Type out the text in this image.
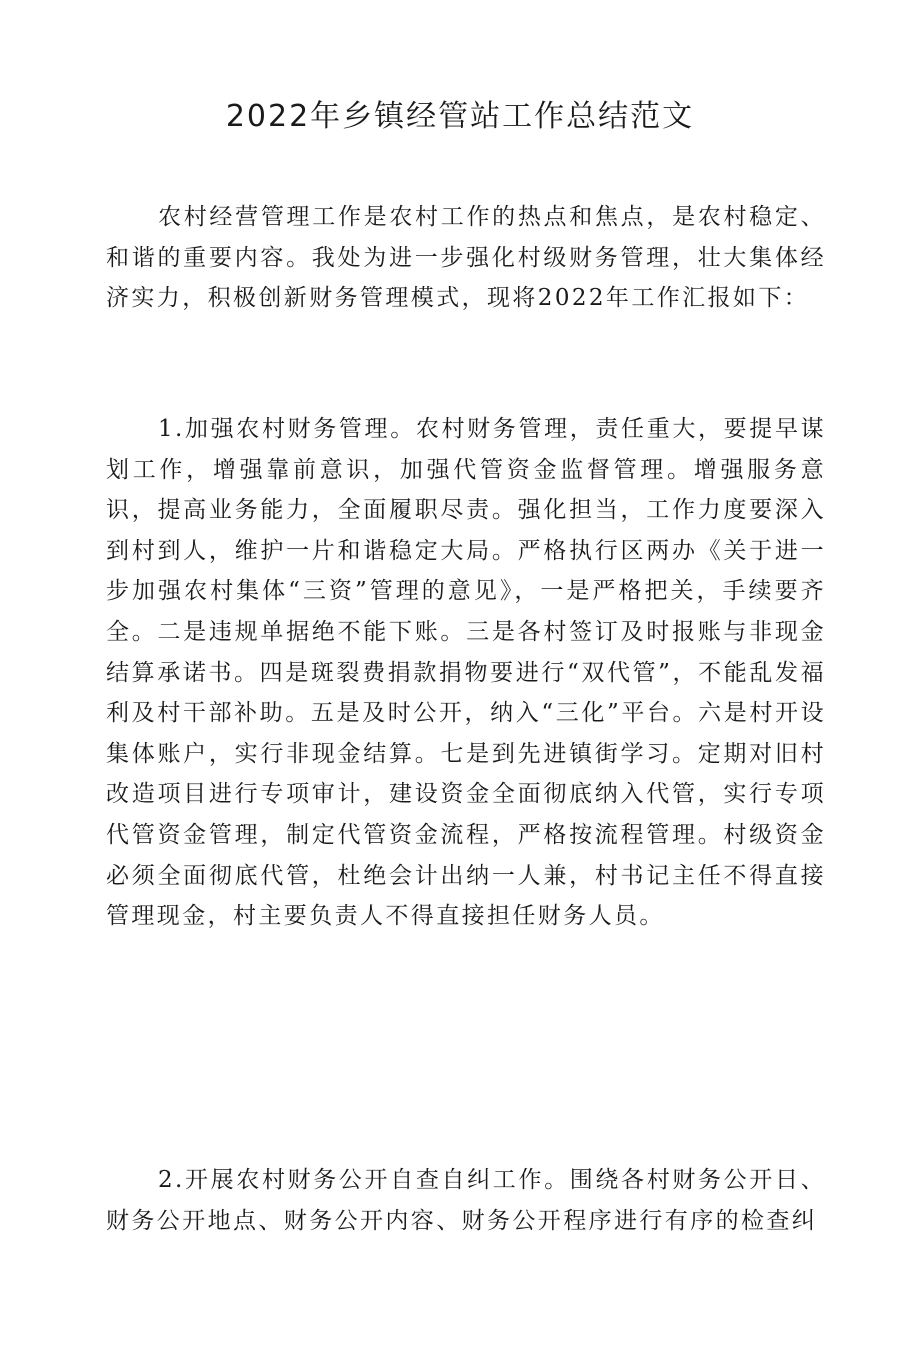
2022年乡镇经管站工作总结范文

农村经营管理工作是农村工作的热点和焦点，是农村稳定、和谐的重要内容。我处为进一步强化村级财务管理，壮大集体经济实力，积极创新财务管理模式，现将2022年工作汇报如下：

1.加强农村财务管理。农村财务管理，责任重大，要提早谋划工作，增强靠前意识，加强代管资金监督管理。增强服务意识，提高业务能力，全面履职尽责。强化担当，工作力度要深入到村到人，维护一片和谐稳定大局。严格执行区两办《关于进一步加强农村集体“三资”管理的意见》，一是严格把关，手续要齐全。二是违规单据绝不能下账。三是各村签订及时报账与非现金结算承诺书。四是斑裂费捐款捐物要进行“双代管”，不能乱发福利及村干部补助。五是及时公开，纳入“三化”平台。六是村开设集体账户，实行非现金结算。七是到先进镇街学习。定期对旧村改造项目进行专项审计，建设资金全面彻底纳入代管，实行专项代管资金管理，制定代管资金流程，严格按流程管理。村级资金必须全面彻底代管，杜绝会计出纳一人兼，村书记主任不得直接管理现金，村主要负责人不得直接担任财务人员。

2.开展农村财务公开自查自纠工作。围绕各村财务公开日、财务公开地点、财务公开内容、财务公开程序进行有序的检查纠
